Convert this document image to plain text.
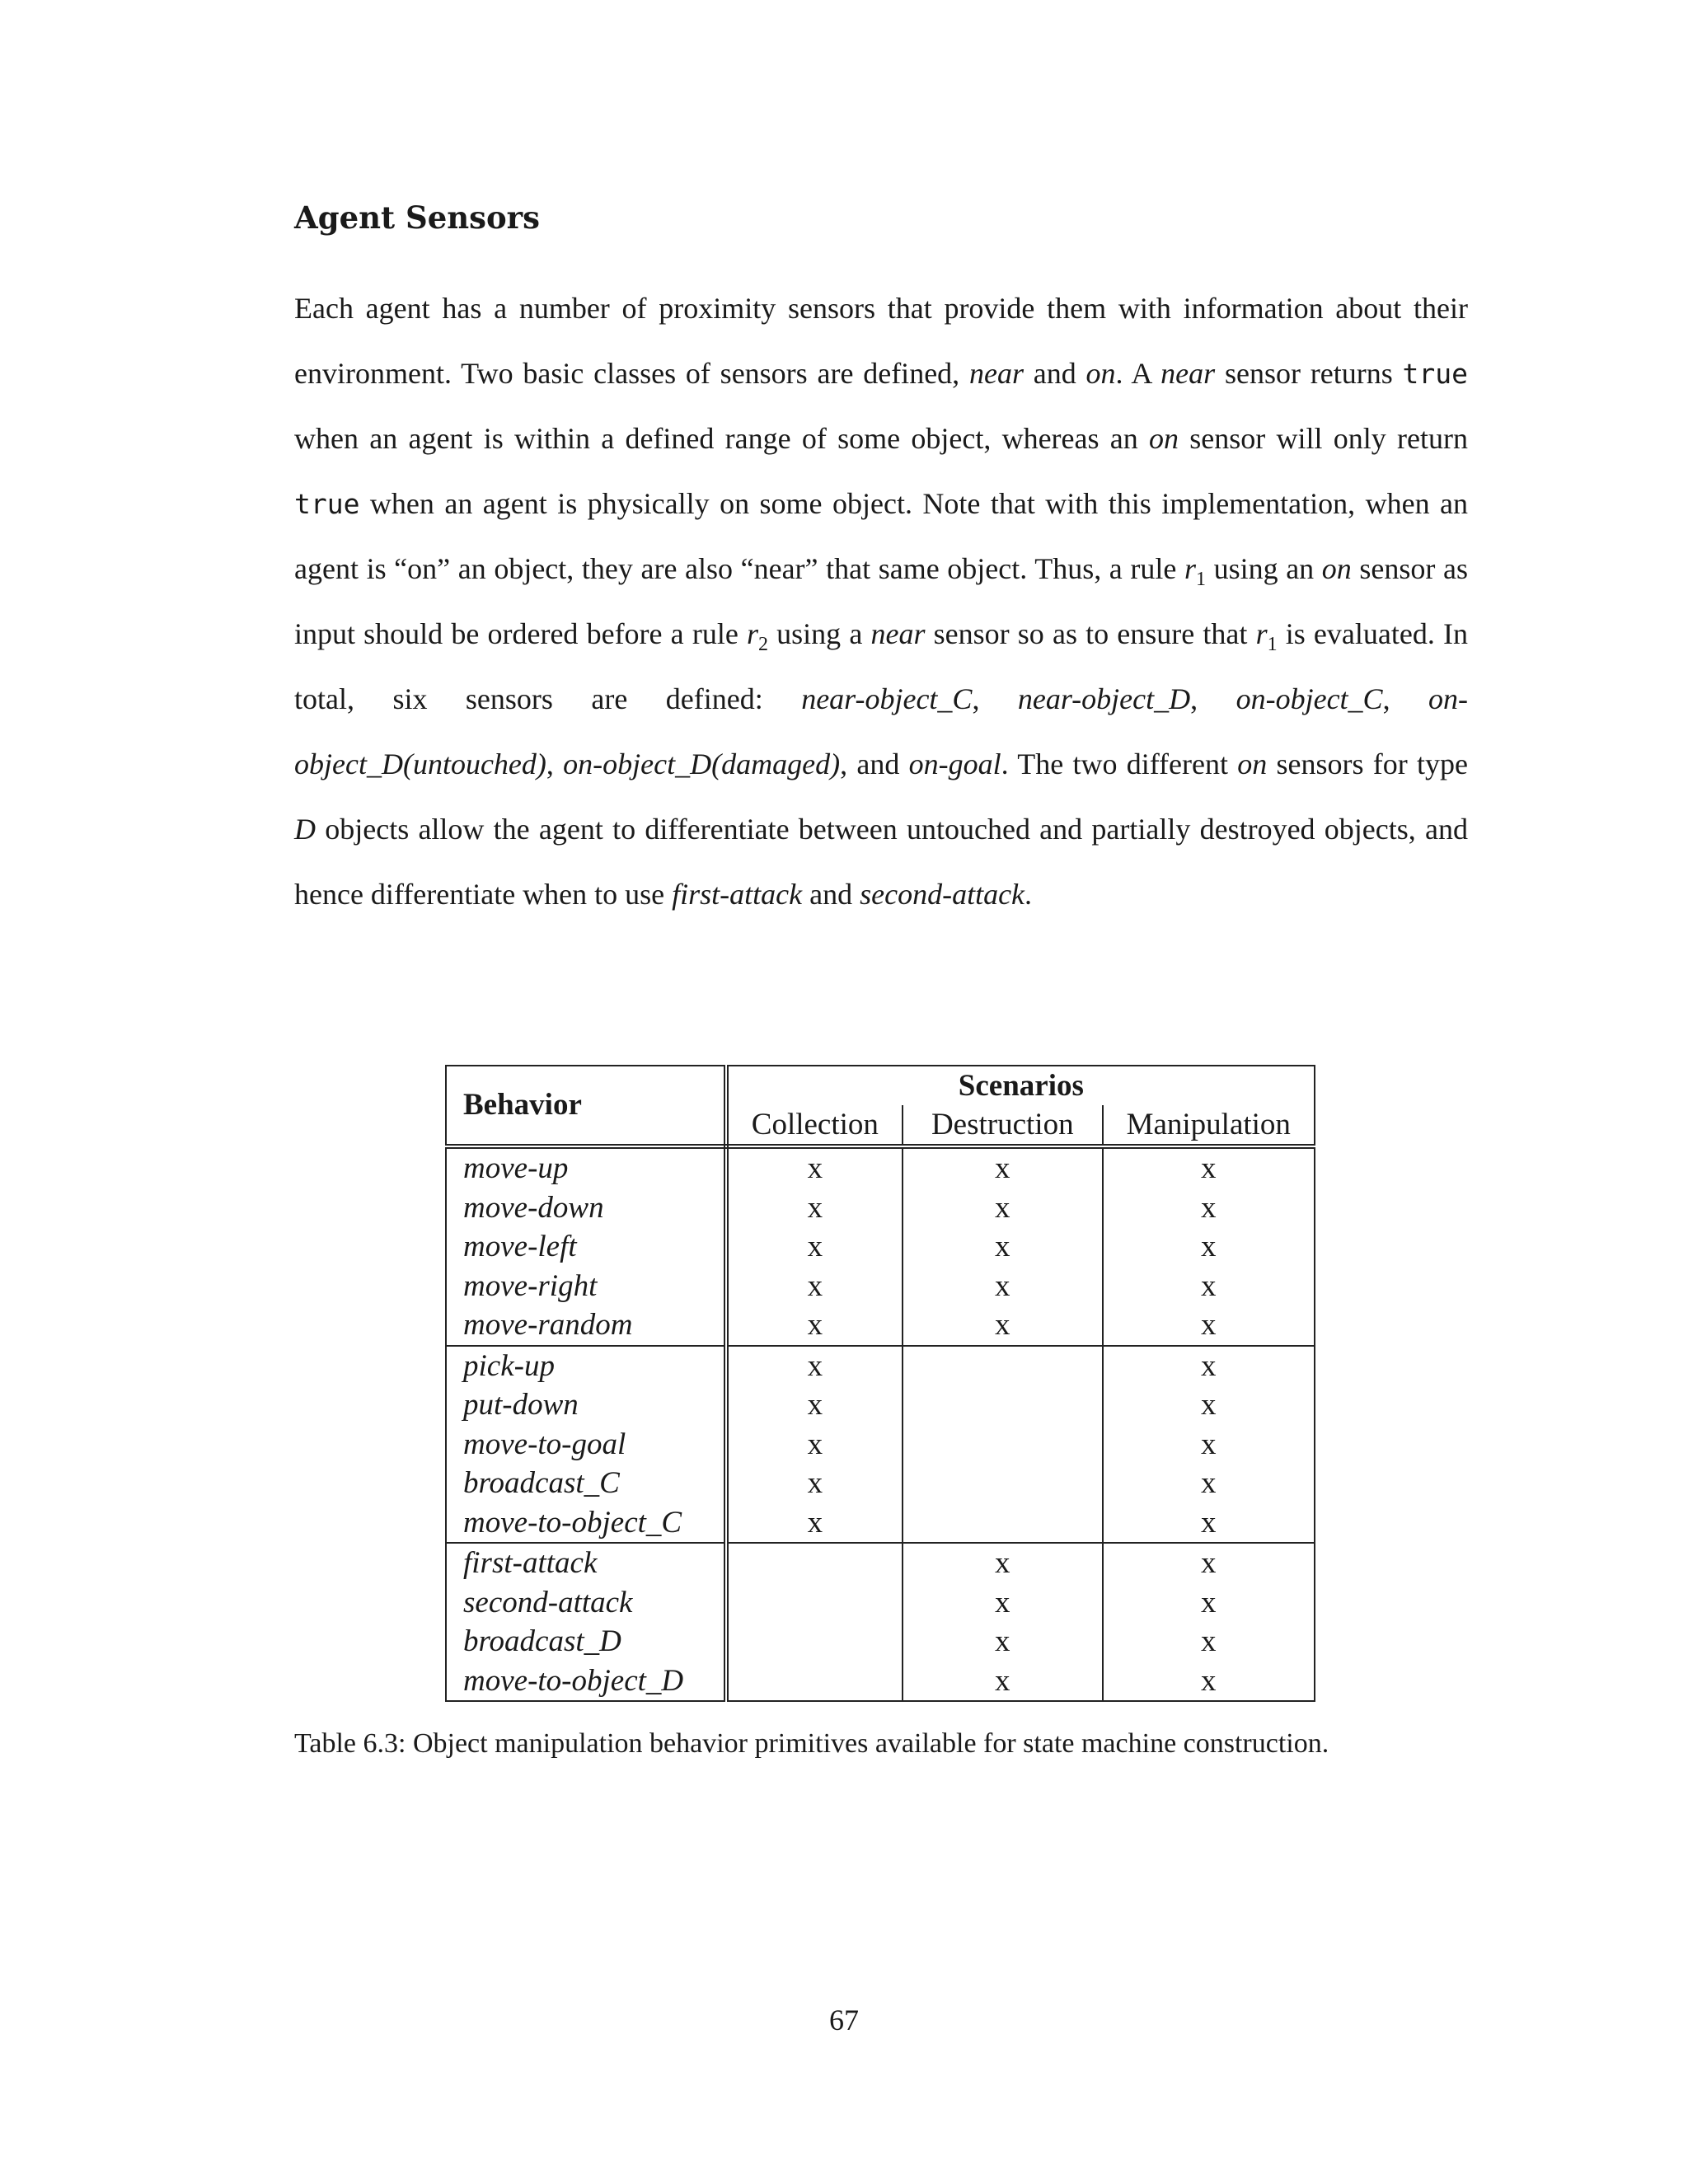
Agent Sensors

Each agent has a number of proximity sensors that provide them with information about their environment. Two basic classes of sensors are defined, near and on. A near sensor returns true when an agent is within a defined range of some object, whereas an on sensor will only return true when an agent is physically on some object. Note that with this implementation, when an agent is “on” an object, they are also “near” that same object. Thus, a rule $r_1$ using an on sensor as input should be ordered before a rule $r_2$ using a near sensor so as to ensure that $r_1$ is evaluated. In total, six sensors are defined: near-object_C, near-object_D, on-object_C, on-object_D(untouched), on-object_D(damaged), and on-goal. The two different on sensors for type D objects allow the agent to differentiate between untouched and partially destroyed objects, and hence differentiate when to use first-attack and second-attack.

Behavior	Scenarios		
	Collection	Destruction	Manipulation
move-up	x	x	x
move-down	x	x	x
move-left	x	x	x
move-right	x	x	x
move-random	x	x	x
pick-up	x		x
put-down	x		x
move-to-goal	x		x
broadcast_C	x		x
move-to-object_C	x		x
first-attack		x	x
second-attack		x	x
broadcast_D		x	x
move-to-object_D		x	x

Table 6.3: Object manipulation behavior primitives available for state machine construction.

67
